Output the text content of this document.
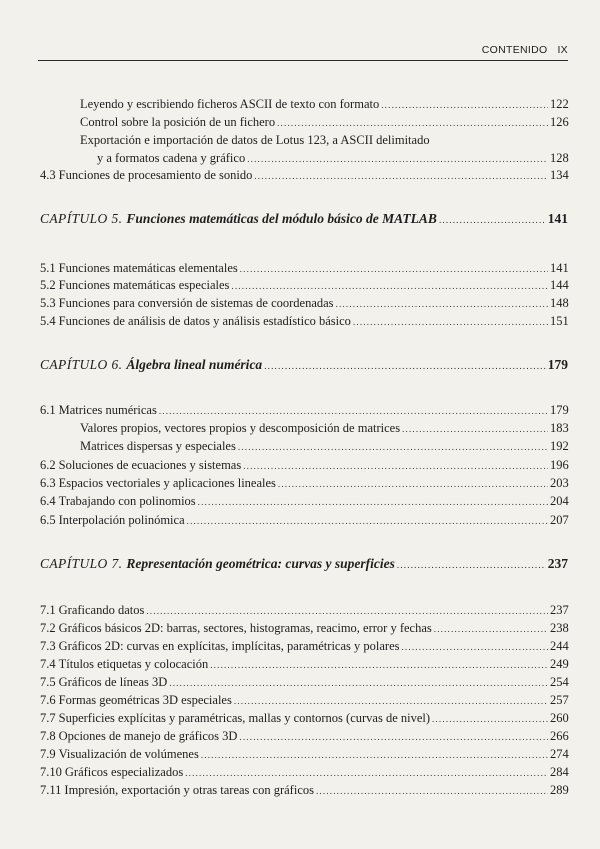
CONTENIDO IX
Leyendo y escribiendo ficheros ASCII de texto con formato .....	122
Control sobre la posición de un fichero .....	126
Exportación e importación de datos de Lotus 123, a ASCII delimitado
y a formatos cadena y gráfico .....	128
4.3 Funciones de procesamiento de sonido .....	134
CAPÍTULO 5. Funciones matemáticas del módulo básico de MATLAB .....	141
5.1 Funciones matemáticas elementales .....	141
5.2 Funciones matemáticas especiales .....	144
5.3 Funciones para conversión de sistemas de coordenadas .....	148
5.4 Funciones de análisis de datos y análisis estadístico básico .....	151
CAPÍTULO 6. Álgebra lineal numérica .....	179
6.1 Matrices numéricas .....	179
Valores propios, vectores propios y descomposición de matrices .....	183
Matrices dispersas y especiales .....	192
6.2 Soluciones de ecuaciones y sistemas .....	196
6.3 Espacios vectoriales y aplicaciones lineales .....	203
6.4 Trabajando con polinomios .....	204
6.5 Interpolación polinómica .....	207
CAPÍTULO 7. Representación geométrica: curvas y superficies .....	237
7.1 Graficando datos .....	237
7.2 Gráficos básicos 2D: barras, sectores, histogramas, reacimo, error y fechas .....	238
7.3 Gráficos 2D: curvas en explícitas, implícitas, paramétricas y polares .....	244
7.4 Títulos etiquetas y colocación .....	249
7.5 Gráficos de líneas 3D .....	254
7.6 Formas geométricas 3D especiales .....	257
7.7 Superficies explícitas y paramétricas, mallas y contornos (curvas de nivel) .....	260
7.8 Opciones de manejo de gráficos 3D .....	266
7.9 Visualización de volúmenes .....	274
7.10 Gráficos especializados .....	284
7.11 Impresión, exportación y otras tareas con gráficos .....	289
